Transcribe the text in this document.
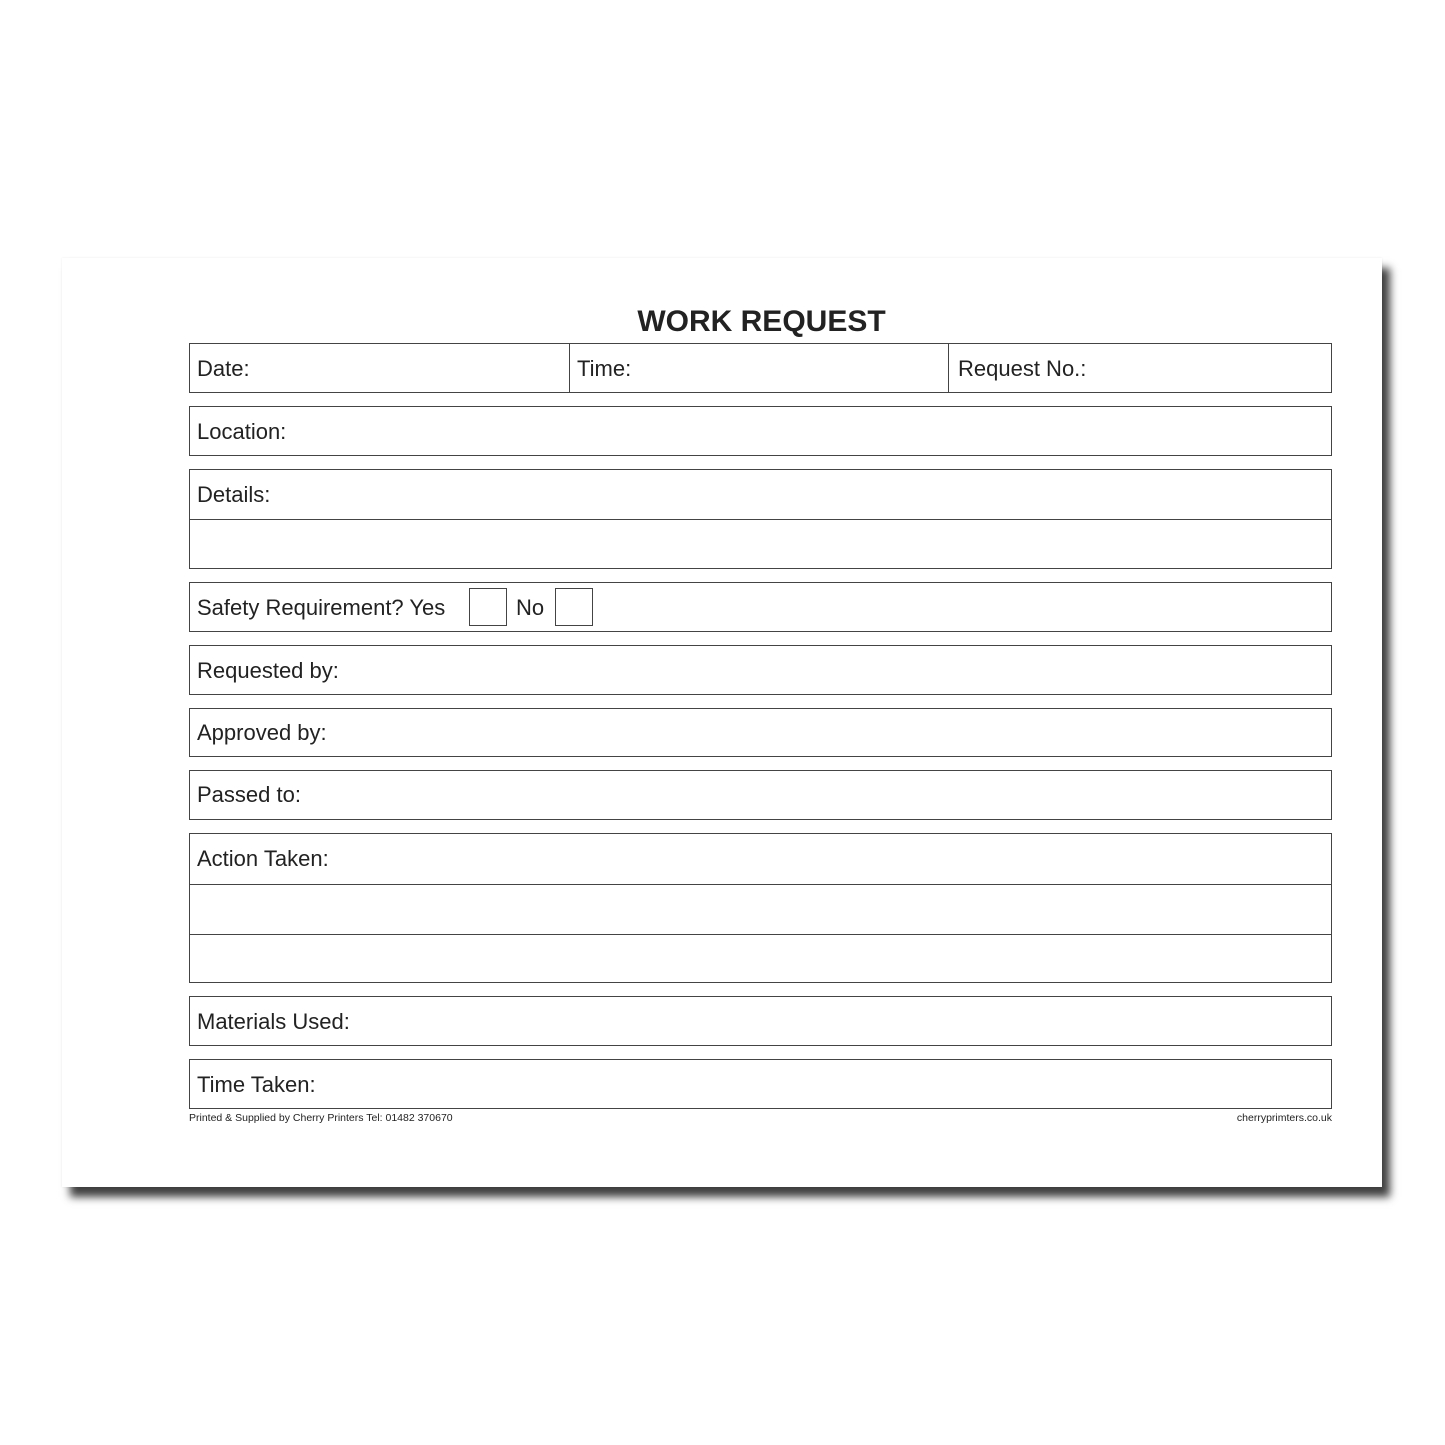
WORK REQUEST
Date:	Time:	Request No.:
Location:
Details:
Safety Requirement? Yes	No
Requested by:
Approved by:
Passed to:
Action Taken:
Materials Used:
Time Taken:
Printed & Supplied by Cherry Printers Tel: 01482 370670	cherryprimters.co.uk
